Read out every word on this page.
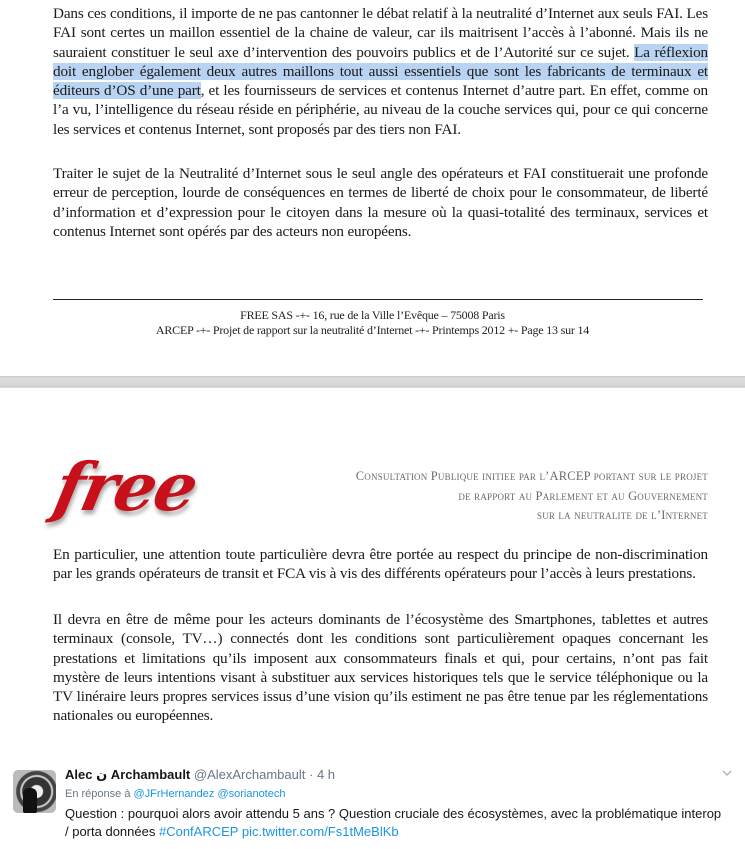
Dans ces conditions, il importe de ne pas cantonner le débat relatif à la neutralité d’Internet aux seuls FAI. Les FAI sont certes un maillon essentiel de la chaine de valeur, car ils maitrisent l’accès à l’abonné. Mais ils ne sauraient constituer le seul axe d’intervention des pouvoirs publics et de l’Autorité sur ce sujet. La réflexion doit englober également deux autres maillons tout aussi essentiels que sont les fabricants de terminaux et éditeurs d’OS d’une part, et les fournisseurs de services et contenus Internet d’autre part. En effet, comme on l’a vu, l’intelligence du réseau réside en périphérie, au niveau de la couche services qui, pour ce qui concerne les services et contenus Internet, sont proposés par des tiers non FAI.
Traiter le sujet de la Neutralité d’Internet sous le seul angle des opérateurs et FAI constituerait une profonde erreur de perception, lourde de conséquences en termes de liberté de choix pour le consommateur, de liberté d’information et d’expression pour le citoyen dans la mesure où la quasi-totalité des terminaux, services et contenus Internet sont opérés par des acteurs non européens.
FREE SAS -+- 16, rue de la Ville l’Evêque – 75008 Paris
ARCEP -+- Projet de rapport sur la neutralité d’Internet -+- Printemps 2012 +- Page 13 sur 14
free	Consultation Publique initiee par l’ARCEP portant sur le projet
de rapport au Parlement et au Gouvernement
sur la neutralite de l’Internet
En particulier, une attention toute particulière devra être portée au respect du principe de non-discrimination par les grands opérateurs de transit et FCA vis à vis des différents opérateurs pour l’accès à leurs prestations.
Il devra en être de même pour les acteurs dominants de l’écosystème des Smartphones, tablettes et autres terminaux (console, TV…) connectés dont les conditions sont particulièrement opaques concernant les prestations et limitations qu’ils imposent aux consommateurs finals et qui, pour certains, n’ont pas fait mystère de leurs intentions visant à substituer aux services historiques tels que le service téléphonique ou la TV linéraire leurs propres services issus d’une vision qu’ils estiment ne pas être tenue par les réglementations nationales ou européennes.
Alec ن Archambault @AlexArchambault · 4 h
En réponse à @JFrHernandez @sorianotech
Question : pourquoi alors avoir attendu 5 ans ? Question cruciale des écosystèmes, avec la problématique interop / porta données #ConfARCEP pic.twitter.com/Fs1tMeBlKb
